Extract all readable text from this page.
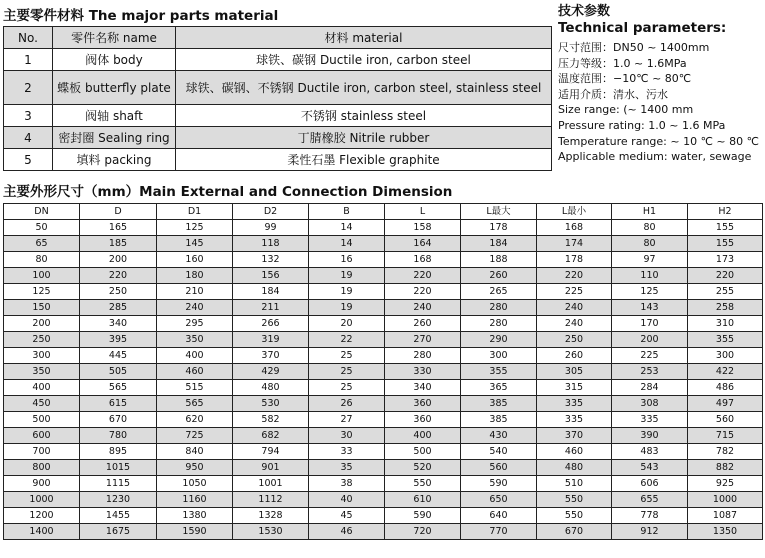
主要零件材料 The major parts material
No.	零件名称 name	材料 material
1	阀体 body	球铁、碳钢 Ductile iron, carbon steel
2	蝶板 butterfly plate	球铁、碳钢、不锈钢 Ductile iron, carbon steel, stainless steel
3	阀轴 shaft	不锈钢 stainless steel
4	密封圈 Sealing ring	丁腈橡胶 Nitrile rubber
5	填料 packing	柔性石墨 Flexible graphite
技术参数
Technical parameters:
尺寸范围：DN50 ~ 1400mm
压力等级：1.0 ~ 1.6MPa
温度范围：−10℃ ~ 80℃
适用介质：清水、污水
Size range: (~ 1400 mm
Pressure rating: 1.0 ~ 1.6 MPa
Temperature range: ~ 10 ℃ ~ 80 ℃
Applicable medium: water, sewage
主要外形尺寸（mm）Main External and Connection Dimension
DN	D	D1	D2	B	L	L最大	L最小	H1	H2
50	165	125	99	14	158	178	168	80	155
65	185	145	118	14	164	184	174	80	155
80	200	160	132	16	168	188	178	97	173
100	220	180	156	19	220	260	220	110	220
125	250	210	184	19	220	265	225	125	255
150	285	240	211	19	240	280	240	143	258
200	340	295	266	20	260	280	240	170	310
250	395	350	319	22	270	290	250	200	355
300	445	400	370	25	280	300	260	225	300
350	505	460	429	25	330	355	305	253	422
400	565	515	480	25	340	365	315	284	486
450	615	565	530	26	360	385	335	308	497
500	670	620	582	27	360	385	335	335	560
600	780	725	682	30	400	430	370	390	715
700	895	840	794	33	500	540	460	483	782
800	1015	950	901	35	520	560	480	543	882
900	1115	1050	1001	38	550	590	510	606	925
1000	1230	1160	1112	40	610	650	550	655	1000
1200	1455	1380	1328	45	590	640	550	778	1087
1400	1675	1590	1530	46	720	770	670	912	1350
